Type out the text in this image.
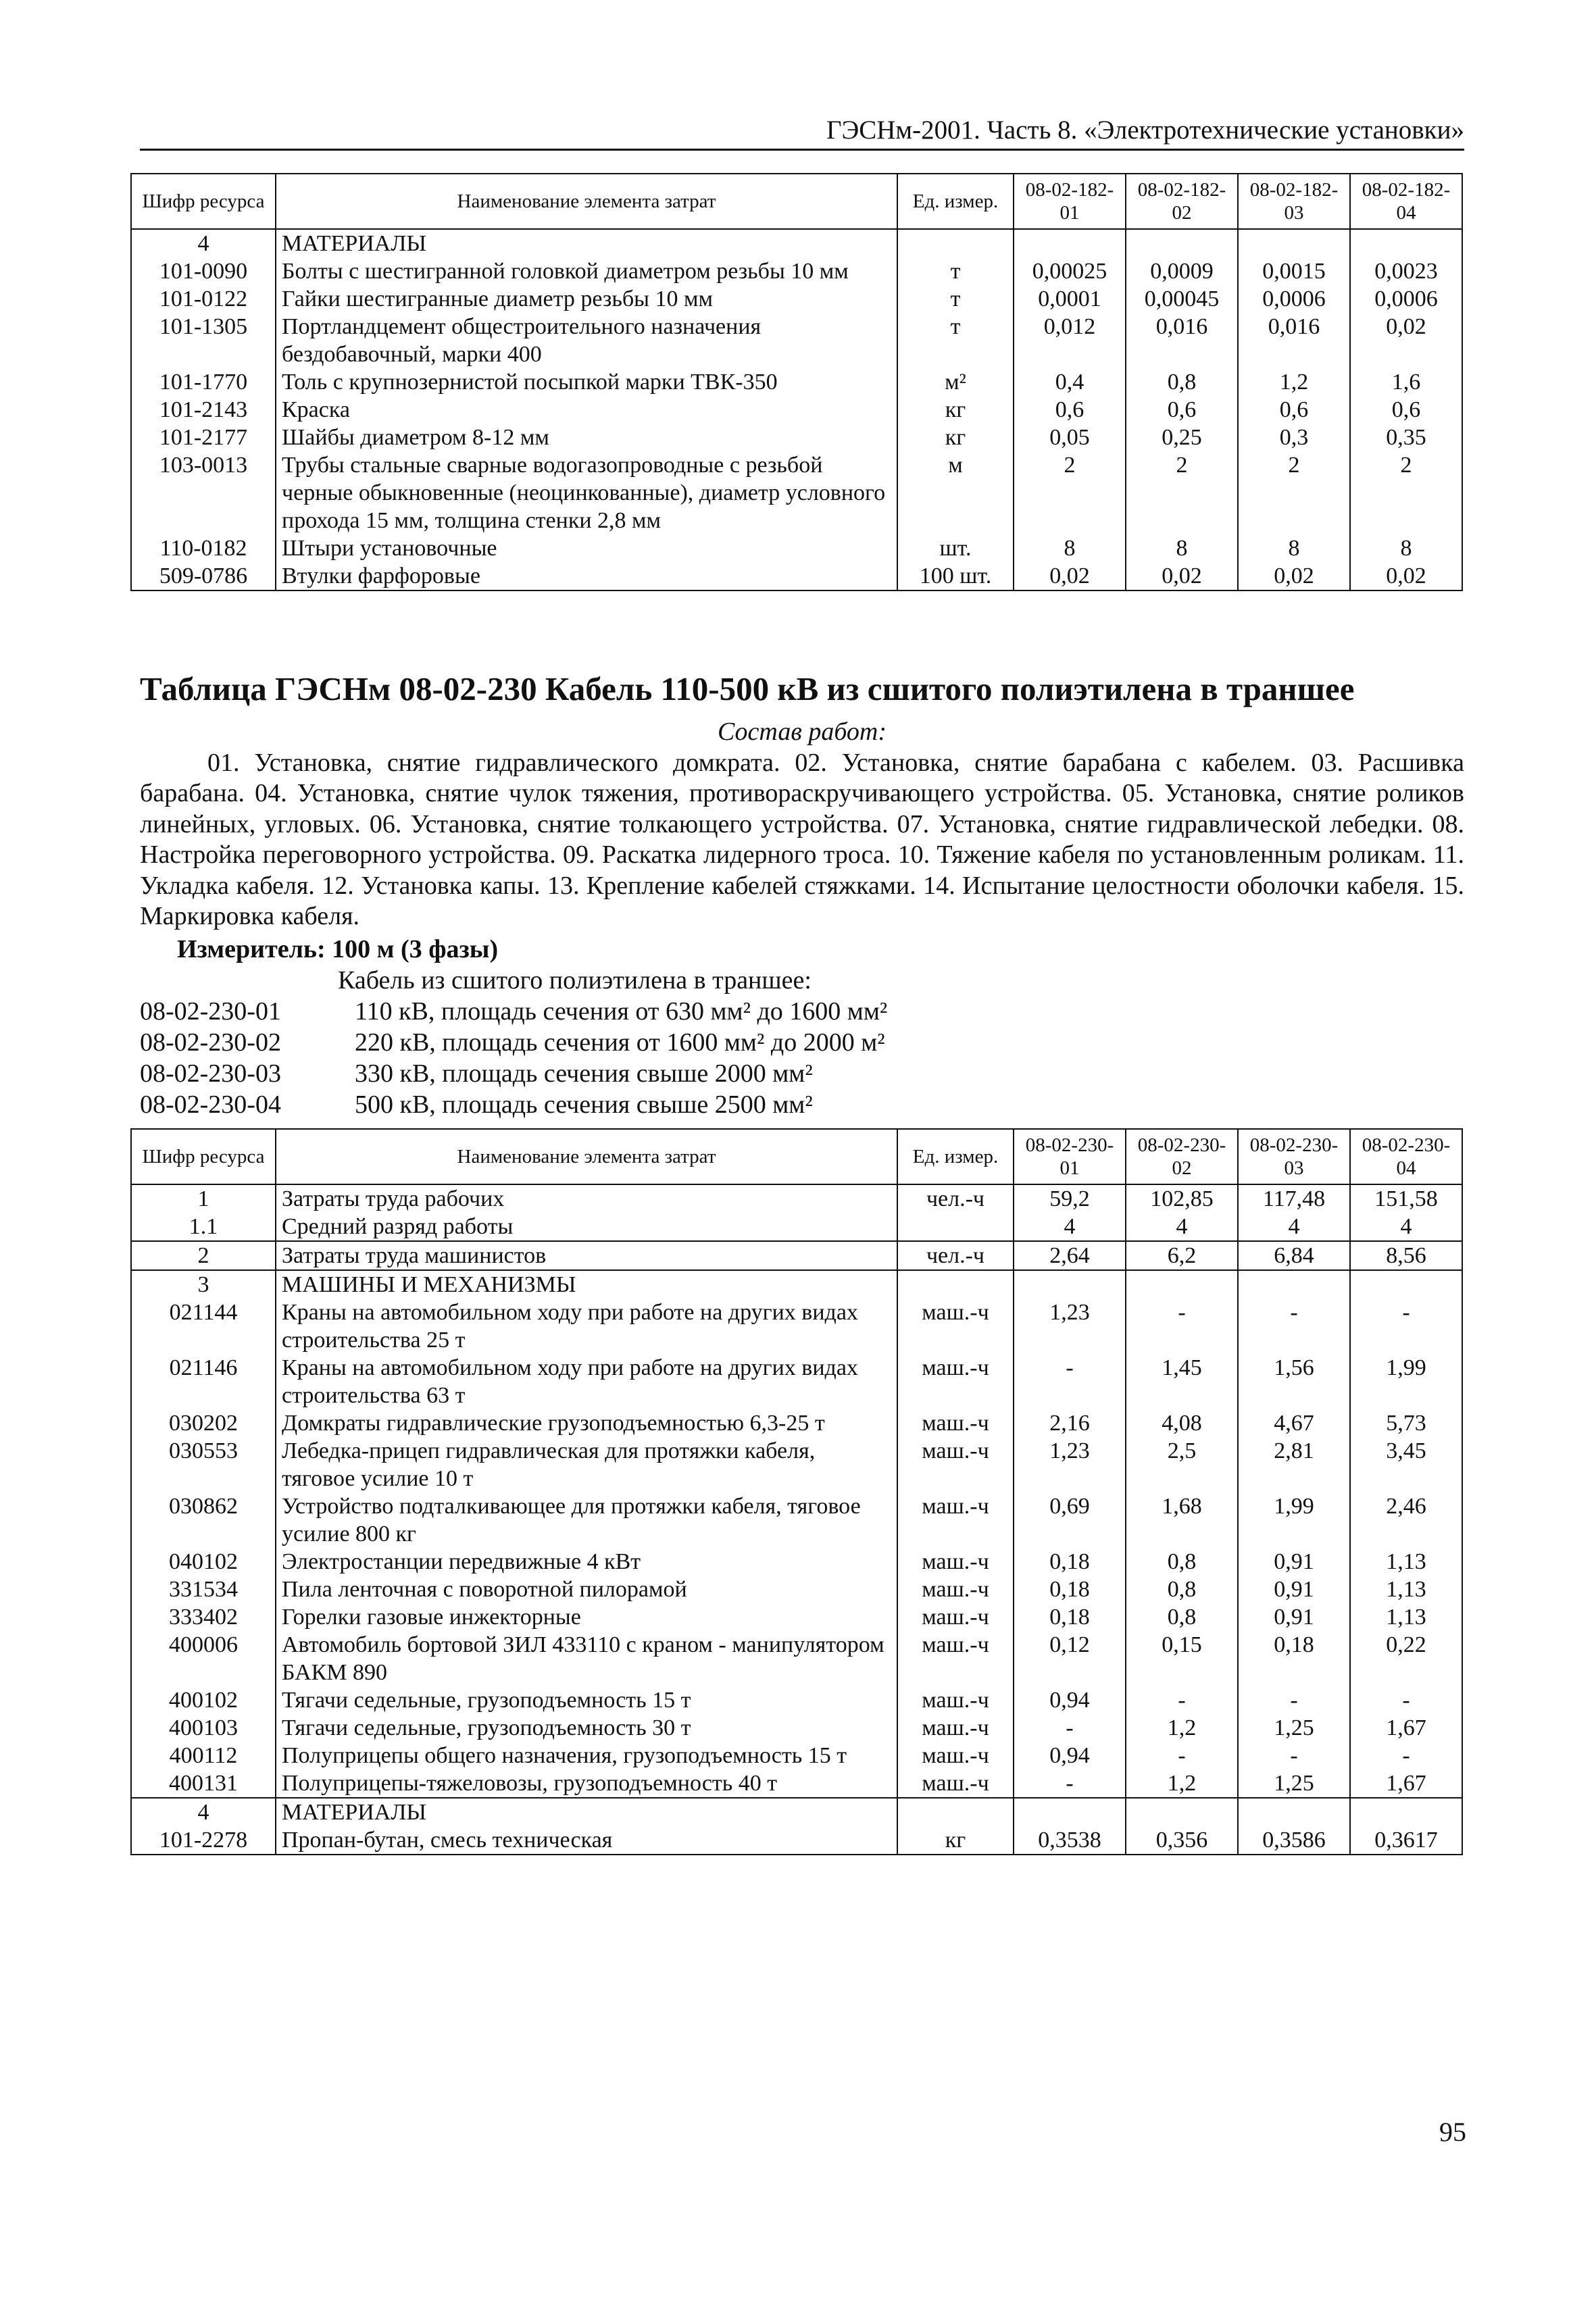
ГЭСНм-2001. Часть 8. «Электротехнические установки»
Шифр ресурса	Наименование элемента затрат	Ед. измер.	08-02-182-01	08-02-182-02	08-02-182-03	08-02-182-04
4	МАТЕРИАЛЫ					
101-0090	Болты с шестигранной головкой диаметром резьбы 10 мм	т	0,00025	0,0009	0,0015	0,0023
101-0122	Гайки шестигранные диаметр резьбы 10 мм	т	0,0001	0,00045	0,0006	0,0006
101-1305	Портландцемент общестроительного назначения бездобавочный, марки 400	т	0,012	0,016	0,016	0,02
101-1770	Толь с крупнозернистой посыпкой марки ТВК-350	м²	0,4	0,8	1,2	1,6
101-2143	Краска	кг	0,6	0,6	0,6	0,6
101-2177	Шайбы диаметром 8-12 мм	кг	0,05	0,25	0,3	0,35
103-0013	Трубы стальные сварные водогазопроводные с резьбой черные обыкновенные (неоцинкованные), диаметр условного прохода 15 мм, толщина стенки 2,8 мм	м	2	2	2	2
110-0182	Штыри установочные	шт.	8	8	8	8
509-0786	Втулки фарфоровые	100 шт.	0,02	0,02	0,02	0,02
Таблица ГЭСНм 08-02-230 Кабель 110-500 кВ из сшитого полиэтилена в траншее
Состав работ:
01. Установка, снятие гидравлического домкрата. 02. Установка, снятие барабана с кабелем. 03. Расшивка барабана. 04. Установка, снятие чулок тяжения, противораскручивающего устройства. 05. Установка, снятие роликов линейных, угловых. 06. Установка, снятие толкающего устройства. 07. Установка, снятие гидравлической лебедки. 08. Настройка переговорного устройства. 09. Раскатка лидерного троса. 10. Тяжение кабеля по установленным роликам. 11. Укладка кабеля. 12. Установка капы. 13. Крепление кабелей стяжками. 14. Испытание целостности оболочки кабеля. 15. Маркировка кабеля.
Измеритель: 100 м (3 фазы)
Кабель из сшитого полиэтилена в траншее:
08-02-230-01	110 кВ, площадь сечения от 630 мм² до 1600 мм²
08-02-230-02	220 кВ, площадь сечения от 1600 мм² до 2000 м²
08-02-230-03	330 кВ, площадь сечения свыше 2000 мм²
08-02-230-04	500 кВ, площадь сечения свыше 2500 мм²
Шифр ресурса	Наименование элемента затрат	Ед. измер.	08-02-230-01	08-02-230-02	08-02-230-03	08-02-230-04
1	Затраты труда рабочих	чел.-ч	59,2	102,85	117,48	151,58
1.1	Средний разряд работы		4	4	4	4
2	Затраты труда машинистов	чел.-ч	2,64	6,2	6,84	8,56
3	МАШИНЫ И МЕХАНИЗМЫ					
021144	Краны на автомобильном ходу при работе на других видах строительства 25 т	маш.-ч	1,23	-	-	-
021146	Краны на автомобильном ходу при работе на других видах строительства 63 т	маш.-ч	-	1,45	1,56	1,99
030202	Домкраты гидравлические грузоподъемностью 6,3-25 т	маш.-ч	2,16	4,08	4,67	5,73
030553	Лебедка-прицеп гидравлическая для протяжки кабеля, тяговое усилие 10 т	маш.-ч	1,23	2,5	2,81	3,45
030862	Устройство подталкивающее для протяжки кабеля, тяговое усилие 800 кг	маш.-ч	0,69	1,68	1,99	2,46
040102	Электростанции передвижные 4 кВт	маш.-ч	0,18	0,8	0,91	1,13
331534	Пила ленточная с поворотной пилорамой	маш.-ч	0,18	0,8	0,91	1,13
333402	Горелки газовые инжекторные	маш.-ч	0,18	0,8	0,91	1,13
400006	Автомобиль бортовой ЗИЛ 433110 с краном - манипулятором БАКМ 890	маш.-ч	0,12	0,15	0,18	0,22
400102	Тягачи седельные, грузоподъемность 15 т	маш.-ч	0,94	-	-	-
400103	Тягачи седельные, грузоподъемность 30 т	маш.-ч	-	1,2	1,25	1,67
400112	Полуприцепы общего назначения, грузоподъемность 15 т	маш.-ч	0,94	-	-	-
400131	Полуприцепы-тяжеловозы, грузоподъемность 40 т	маш.-ч	-	1,2	1,25	1,67
4	МАТЕРИАЛЫ					
101-2278	Пропан-бутан, смесь техническая	кг	0,3538	0,356	0,3586	0,3617
95
